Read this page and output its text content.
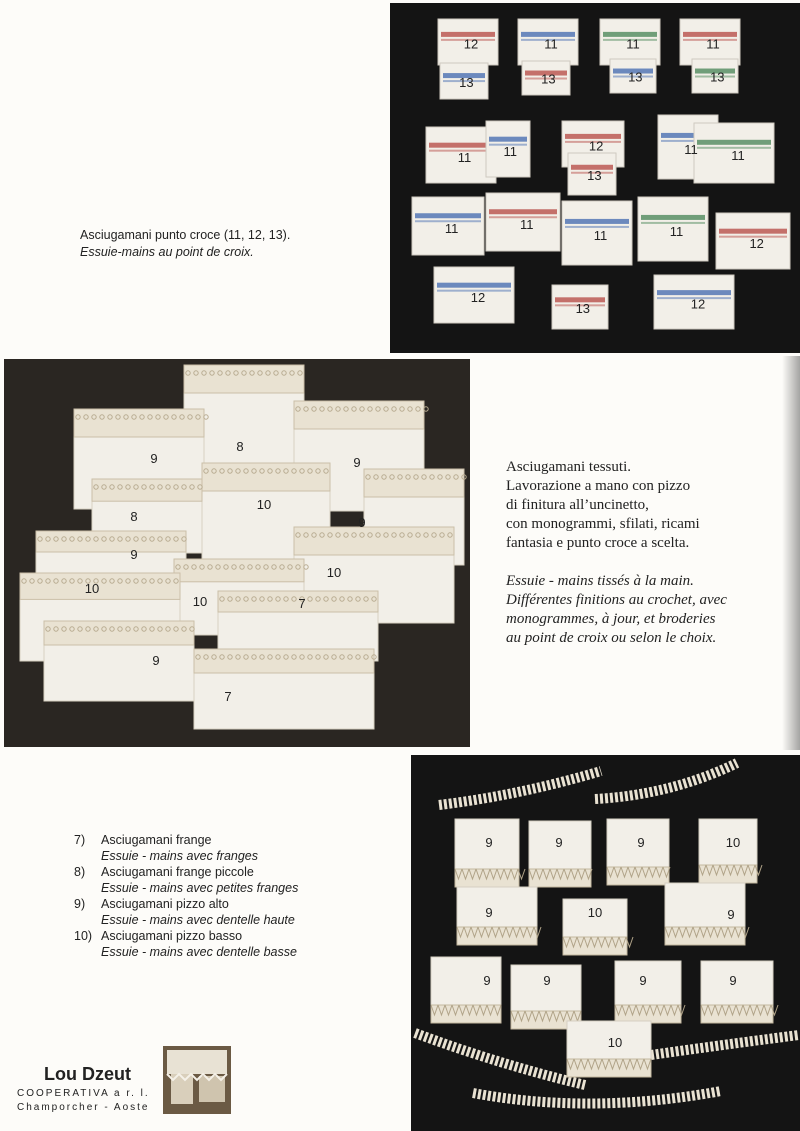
12	11	11	11
13	13	13	13
11 11	12	11	11
13
11	11
11	11
12
12
13	12
Asciugamani punto croce (11, 12, 13).
Essuie-mains au point de croix.
8
9	9
10
8
9
9
10
10	7
10
9
7
Asciugamani tessuti.
Lavorazione a mano con pizzo
di finitura all’uncinetto,
con monogrammi, sfilati, ricami
fantasia e punto croce a scelta.
Essuie - mains tissés à la main.
Différentes finitions au crochet, avec
monogrammes, à jour, et broderies
au point de croix ou selon le choix.
9	9	9	10
9	10	9
9	9	9	9
10
7)	Asciugamani frange
Essuie - mains avec franges
8)	Asciugamani frange piccole
Essuie - mains avec petites franges
9)	Asciugamani pizzo alto
Essuie - mains avec dentelle haute
10) Asciugamani pizzo basso
Essuie - mains avec dentelle basse
Lou Dzeut
COOPERATIVA a r. l.
Champorcher - Aoste
